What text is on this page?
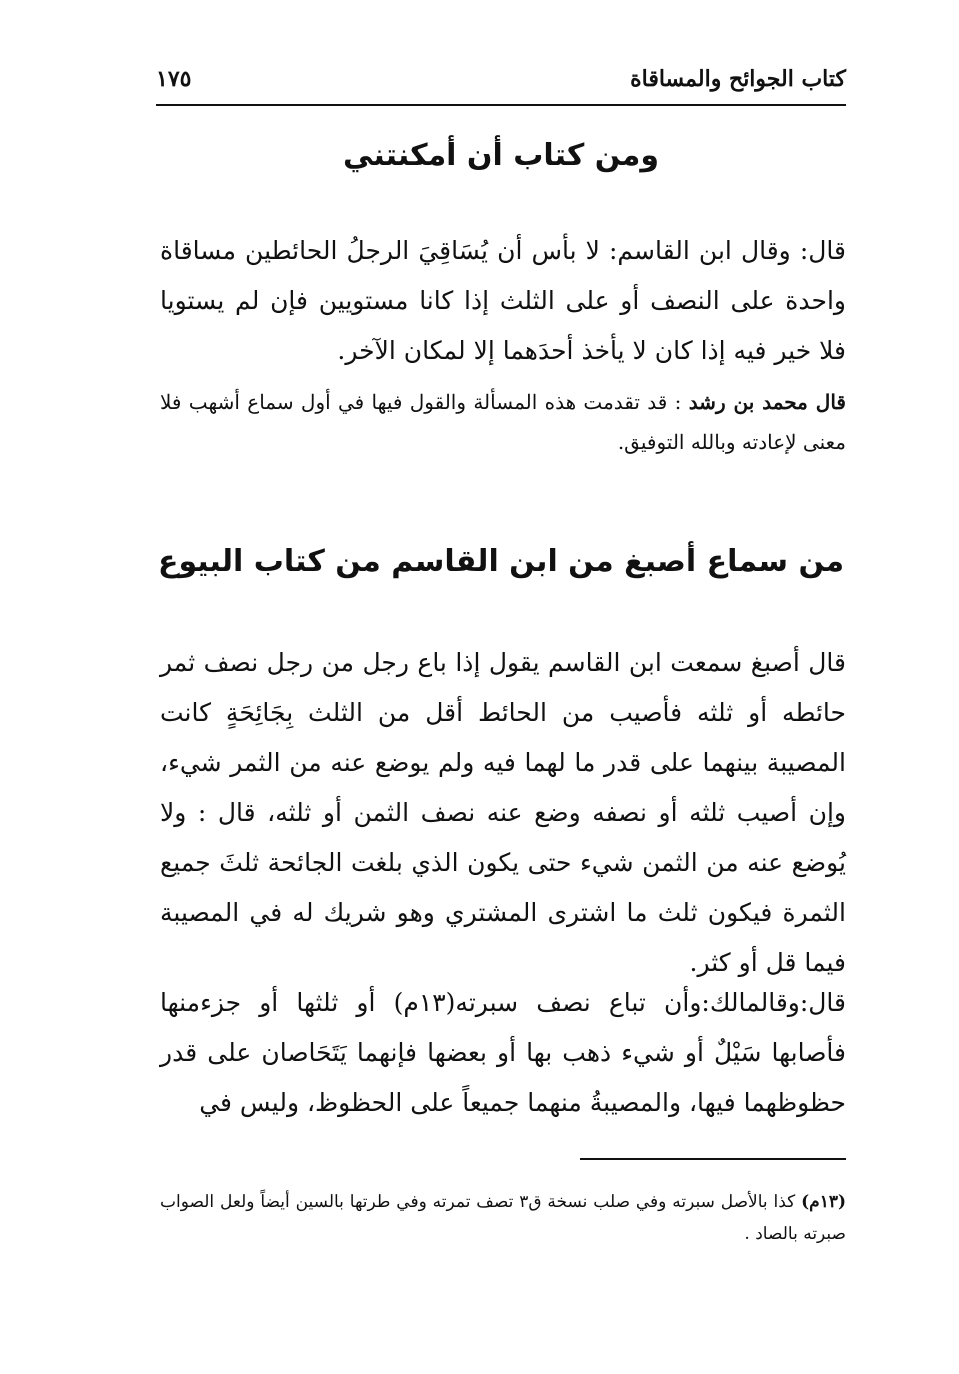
كتاب الجوائح والمساقاة
١٧٥
ومن كتاب أن أمكنتني
قال: وقال ابن القاسم: لا بأس أن يُسَاقِيَ الرجلُ الحائطين مساقاة واحدة على النصف أو على الثلث إذا كانا مستويين فإن لم يستويا فلا خير فيه إذا كان لا يأخذ أحدَهما إلا لمكان الآخر.
قال محمد بن رشد : قد تقدمت هذه المسألة والقول فيها في أول سماع أشهب فلا معنى لإعادته وبالله التوفيق.
من سماع أصبغ من ابن القاسم من كتاب البيوع
قال أصبغ سمعت ابن القاسم يقول إذا باع رجل من رجل نصف ثمر حائطه أو ثلثه فأصيب من الحائط أقل من الثلث بِجَائِحَةٍ كانت المصيبة بينهما على قدر ما لهما فيه ولم يوضع عنه من الثمر شيء، وإن أصيب ثلثه أو نصفه وضع عنه نصف الثمن أو ثلثه، قال : ولا يُوضع عنه من الثمن شيء حتى يكون الذي بلغت الجائحة ثلثَ جميع الثمرة فيكون ثلث ما اشترى المشتري وهو شريك له في المصيبة فيما قل أو كثر.
قال:وقالمالك:وأن تباع نصف سبرته(١٣م) أو ثلثها أو جزءمنها فأصابها سَيْلٌ أو شيء ذهب بها أو بعضها فإنهما يَتَحَاصان على قدر حظوظهما فيها، والمصيبةُ منهما جميعاً على الحظوظ، وليس في
(١٣م) كذا بالأصل سبرته وفي صلب نسخة ق٣ تصف تمرته وفي طرتها بالسين أيضاً ولعل الصواب صبرته بالصاد .
